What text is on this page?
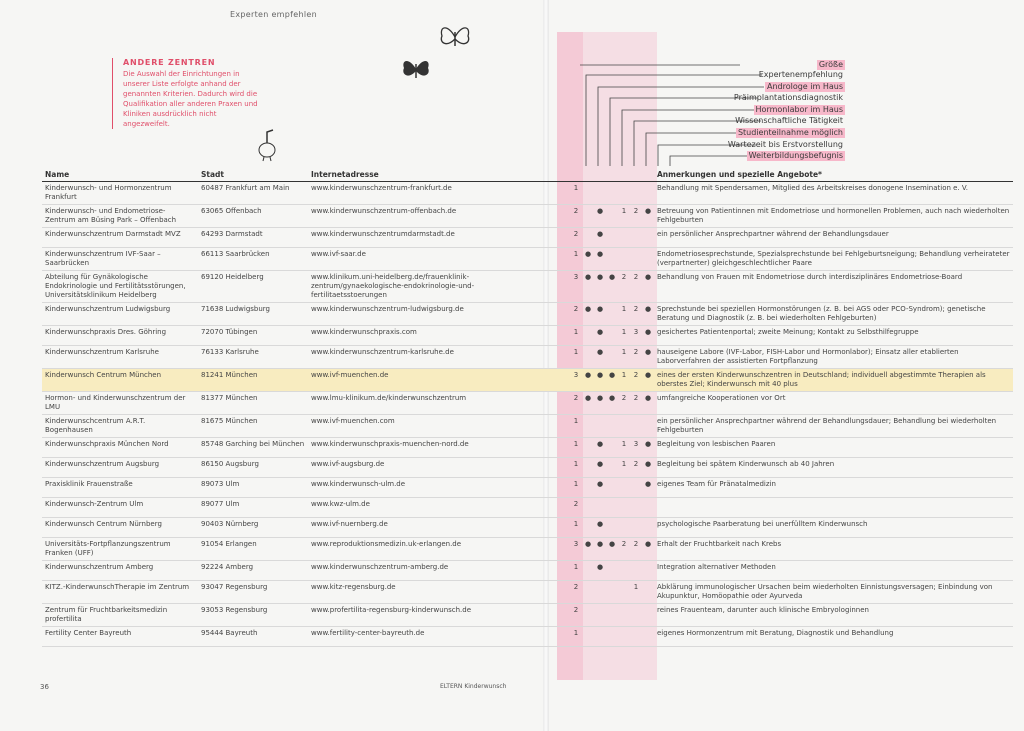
Experten empfehlen
ANDERE ZENTREN
Die Auswahl der Einrichtungen in unserer Liste erfolgte anhand der genannten Kriterien. Dadurch wird die Qualifikation aller anderen Praxen und Kliniken ausdrücklich nicht angezweifelt.
Größe
Expertenempfehlung
Androloge im Haus
Präimplantationsdiagnostik
Hormonlabor im Haus
Wissenschaftliche Tätigkeit
Studienteilnahme möglich
Wartezeit bis Erstvorstellung
Weiterbildungsbefugnis
Name	Stadt	Internetadresse									Anmerkungen und spezielle Angebote*
Kinderwunsch- und Hormonzentrum Frankfurt	60487 Frankfurt am Main	www.kinderwunschzentrum-frankfurt.de		1							Behandlung mit Spendersamen, Mitglied des Arbeitskreises donogene Insemination e. V.
Kinderwunsch- und Endometriose-Zentrum am Büsing Park – Offenbach	63065 Offenbach	www.kinderwunschzentrum-offenbach.de		2		●		1	2	●	Betreuung von Patientinnen mit Endometriose und hormonellen Problemen, auch nach wiederholten Fehlgeburten
Kinderwunschzentrum Darmstadt MVZ	64293 Darmstadt	www.kinderwunschzentrumdarmstadt.de		2		●					ein persönlicher Ansprechpartner während der Behandlungsdauer
Kinderwunschzentrum IVF-Saar – Saarbrücken	66113 Saarbrücken	www.ivf-saar.de		1	●	●					Endometriosesprechstunde, Spezialsprechstunde bei Fehlgeburtsneigung; Behandlung verheirateter (verpartnerter) gleichgeschlechtlicher Paare
Abteilung für Gynäkologische Endokrinologie und Fertilitätsstörungen, Universitätsklinikum Heidelberg	69120 Heidelberg	www.klinikum.uni-heidelberg.de/frauenklinik-zentrum/gynaekologische-endokrinologie-und-fertilitaetsstoerungen		3	●	●	●	2	2	●	Behandlung von Frauen mit Endometriose durch interdisziplinäres Endometriose-Board
Kinderwunschzentrum Ludwigsburg	71638 Ludwigsburg	www.kinderwunschzentrum-ludwigsburg.de		2	●	●		1	2	●	Sprechstunde bei speziellen Hormonstörungen (z. B. bei AGS oder PCO-Syndrom); genetische Beratung und Diagnostik (z. B. bei wiederholten Fehlgeburten)
Kinderwunschpraxis Dres. Göhring	72070 Tübingen	www.kinderwunschpraxis.com		1		●		1	3	●	gesichertes Patientenportal; zweite Meinung; Kontakt zu Selbsthilfegruppe
Kinderwunschzentrum Karlsruhe	76133 Karlsruhe	www.kinderwunschzentrum-karlsruhe.de		1		●		1	2	●	hauseigene Labore (IVF-Labor, FISH-Labor und Hormonlabor); Einsatz aller etablierten Laborverfahren der assistierten Fortpflanzung
Kinderwunsch Centrum München	81241 München	www.ivf-muenchen.de		3	●	●	●	1	2	●	eines der ersten Kinderwunschzentren in Deutschland; individuell abgestimmte Therapien als oberstes Ziel; Kinderwunsch mit 40 plus
Hormon- und Kinderwunschzentrum der LMU	81377 München	www.lmu-klinikum.de/kinderwunschzentrum		2	●	●	●	2	2	●	umfangreiche Kooperationen vor Ort
Kinderwunschcentrum A.R.T. Bogenhausen	81675 München	www.ivf-muenchen.com		1							ein persönlicher Ansprechpartner während der Behandlungsdauer; Behandlung bei wiederholten Fehlgeburten
Kinderwunschpraxis München Nord	85748 Garching bei München	www.kinderwunschpraxis-muenchen-nord.de		1		●		1	3	●	Begleitung von lesbischen Paaren
Kinderwunschzentrum Augsburg	86150 Augsburg	www.ivf-augsburg.de		1		●		1	2	●	Begleitung bei spätem Kinderwunsch ab 40 Jahren
Praxisklinik Frauenstraße	89073 Ulm	www.kinderwunsch-ulm.de		1		●				●	eigenes Team für Pränatalmedizin
Kinderwunsch-Zentrum Ulm	89077 Ulm	www.kwz-ulm.de		2							
Kinderwunsch Centrum Nürnberg	90403 Nürnberg	www.ivf-nuernberg.de		1		●					psychologische Paarberatung bei unerfülltem Kinderwunsch
Universitäts-Fortpflanzungszentrum Franken (UFF)	91054 Erlangen	www.reproduktionsmedizin.uk-erlangen.de		3	●	●	●	2	2	●	Erhalt der Fruchtbarkeit nach Krebs
Kinderwunschzentrum Amberg	92224 Amberg	www.kinderwunschzentrum-amberg.de		1		●					Integration alternativer Methoden
KITZ.-KinderwunschTherapie im Zentrum	93047 Regensburg	www.kitz-regensburg.de		2					1		Abklärung immunologischer Ursachen beim wiederholten Einnistungsversagen; Einbindung von Akupunktur, Homöopathie oder Ayurveda
Zentrum für Fruchtbarkeitsmedizin profertilita	93053 Regensburg	www.profertilita-regensburg-kinderwunsch.de		2							reines Frauenteam, darunter auch klinische Embryologinnen
Fertility Center Bayreuth	95444 Bayreuth	www.fertility-center-bayreuth.de		1							eigenes Hormonzentrum mit Beratung, Diagnostik und Behandlung
36	ELTERN Kinderwunsch
